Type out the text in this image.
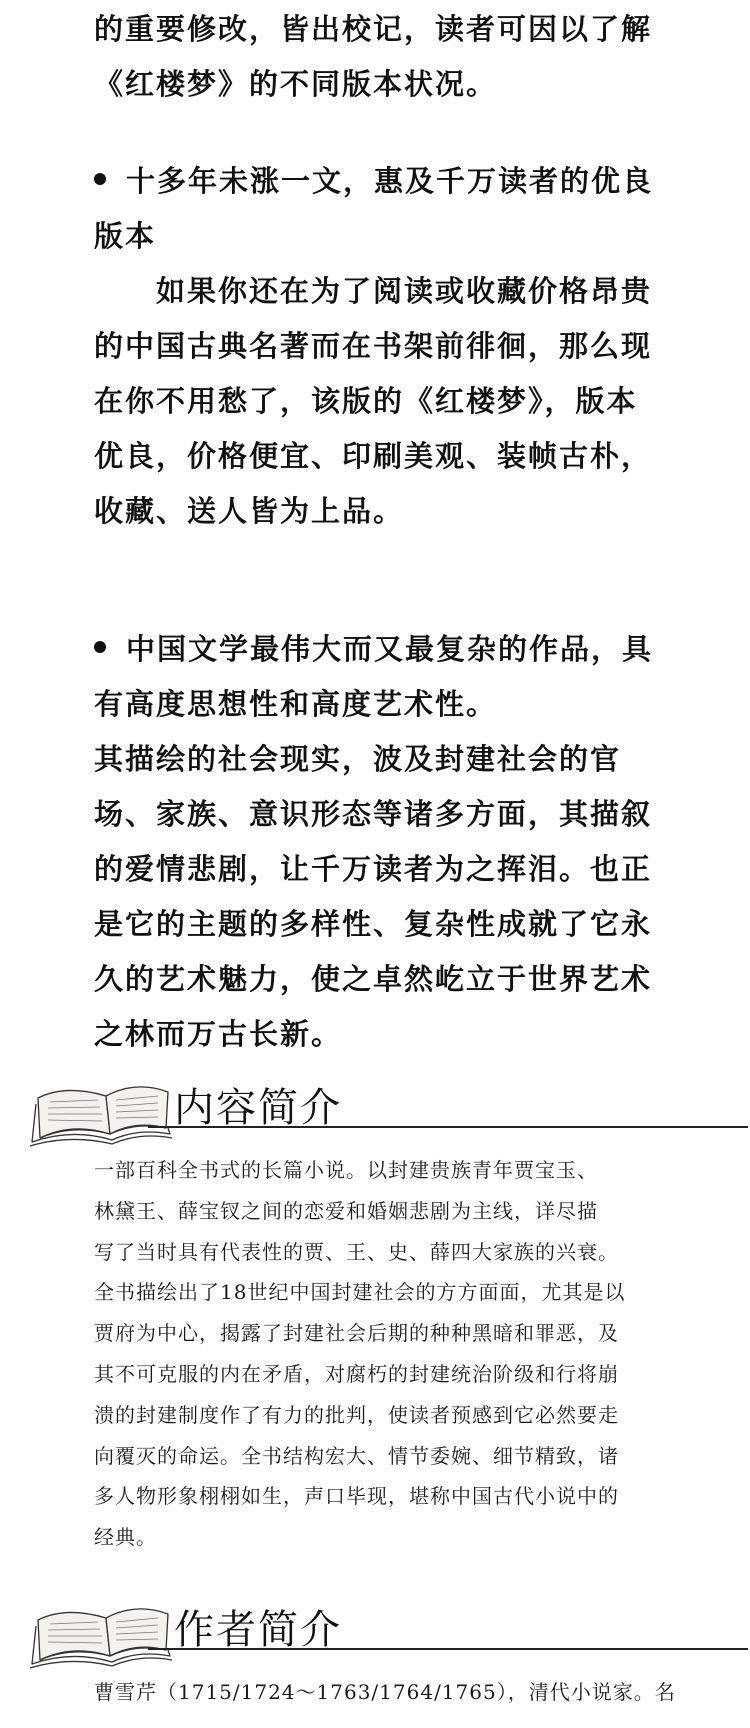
的重要修改，皆出校记，读者可因以了解
《红楼梦》的不同版本状况。
十多年未涨一文，惠及千万读者的优良
版本
　　如果你还在为了阅读或收藏价格昂贵
的中国古典名著而在书架前徘徊，那么现
在你不用愁了，该版的《红楼梦》，版本
优良，价格便宜、印刷美观、装帧古朴，
收藏、送人皆为上品。
中国文学最伟大而又最复杂的作品，具
有高度思想性和高度艺术性。
其描绘的社会现实，波及封建社会的官
场、家族、意识形态等诸多方面，其描叙
的爱情悲剧，让千万读者为之挥泪。也正
是它的主题的多样性、复杂性成就了它永
久的艺术魅力，使之卓然屹立于世界艺术
之林而万古长新。
内容简介
一部百科全书式的长篇小说。以封建贵族青年贾宝玉、
林黛王、薛宝钗之间的恋爱和婚姻悲剧为主线，详尽描
写了当时具有代表性的贾、王、史、薛四大家族的兴衰。
全书描绘出了18世纪中国封建社会的方方面面，尤其是以
贾府为中心，揭露了封建社会后期的种种黑暗和罪恶，及
其不可克服的内在矛盾，对腐朽的封建统治阶级和行将崩
溃的封建制度作了有力的批判，使读者预感到它必然要走
向覆灭的命运。全书结构宏大、情节委婉、细节精致，诸
多人物形象栩栩如生，声口毕现，堪称中国古代小说中的
经典。
作者简介
曹雪芹（1715/1724～1763/1764/1765），清代小说家。名
